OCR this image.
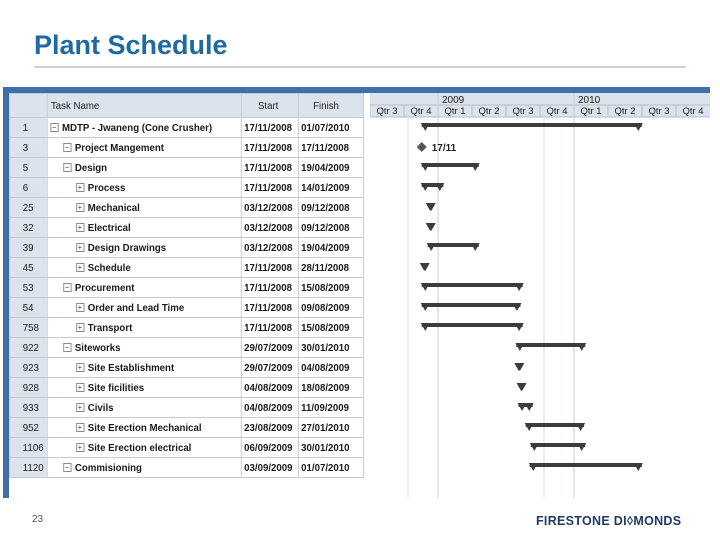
Plant Schedule
	Task Name	Start	Finish
1	− MDTP - Jwaneng (Cone Crusher)	17/11/2008	01/07/2010
3	− Project Mangement	17/11/2008	17/11/2008
5	− Design	17/11/2008	19/04/2009
6	+ Process	17/11/2008	14/01/2009
25	+ Mechanical	03/12/2008	09/12/2008
32	+ Electrical	03/12/2008	09/12/2008
39	+ Design Drawings	03/12/2008	19/04/2009
45	+ Schedule	17/11/2008	28/11/2008
53	− Procurement	17/11/2008	15/08/2009
54	+ Order and Lead Time	17/11/2008	09/08/2009
758	+ Transport	17/11/2008	15/08/2009
922	− Siteworks	29/07/2009	30/01/2010
923	+ Site Establishment	29/07/2009	04/08/2009
928	+ Site ficilities	04/08/2009	18/08/2009
933	+ Civils	04/08/2009	11/09/2009
952	+ Site Erection Mechanical	23/08/2009	27/01/2010
1106	+ Site Erection electrical	06/09/2009	30/01/2010
1120	− Commisioning	03/09/2009	01/07/2010
Qtr 3 Qtr 4 Qtr 1 Qtr 2 Qtr 3 Qtr 4 Qtr 1 Qtr 2 Qtr 3 Qtr 4
2009	2010
17/11
23	FIRESTONE DI◊MONDS
